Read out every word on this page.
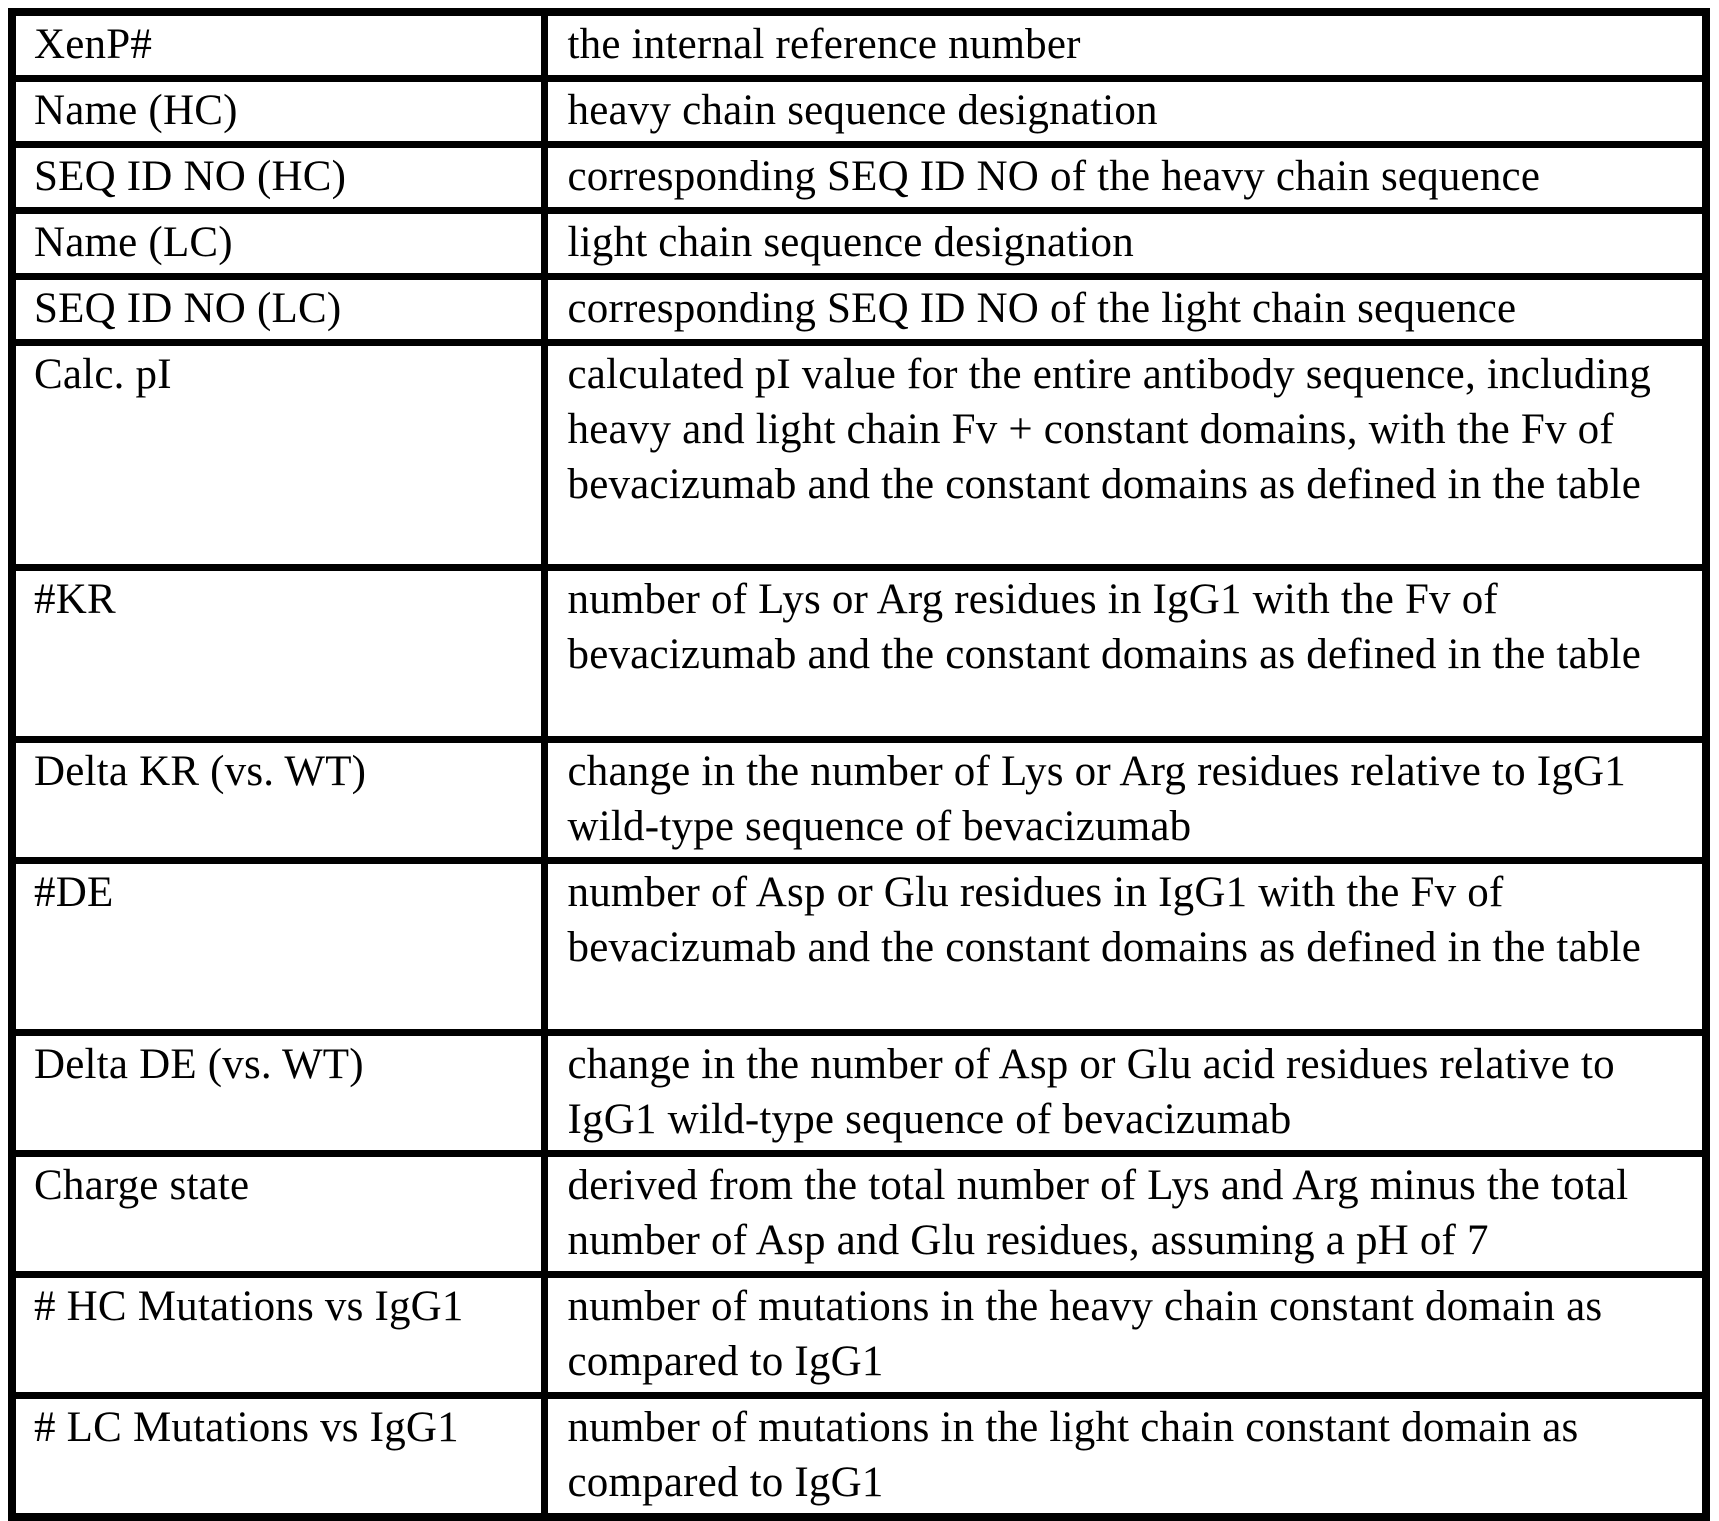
XenP#	the internal reference number
Name (HC)	heavy chain sequence designation
SEQ ID NO (HC)	corresponding SEQ ID NO of the heavy chain sequence
Name (LC)	light chain sequence designation
SEQ ID NO (LC)	corresponding SEQ ID NO of the light chain sequence
Calc. pI	calculated pI value for the entire antibody sequence, including heavy and light chain Fv + constant domains, with the Fv of bevacizumab and the constant domains as defined in the table
#KR	number of Lys or Arg residues in IgG1 with the Fv of bevacizumab and the constant domains as defined in the table
Delta KR (vs. WT)	change in the number of Lys or Arg residues relative to IgG1 wild-type sequence of bevacizumab
#DE	number of Asp or Glu residues in IgG1 with the Fv of bevacizumab and the constant domains as defined in the table
Delta DE (vs. WT)	change in the number of Asp or Glu acid residues relative to IgG1 wild-type sequence of bevacizumab
Charge state	derived from the total number of Lys and Arg minus the total number of Asp and Glu residues, assuming a pH of 7
# HC Mutations vs IgG1	number of mutations in the heavy chain constant domain as compared to IgG1
# LC Mutations vs IgG1	number of mutations in the light chain constant domain as compared to IgG1
